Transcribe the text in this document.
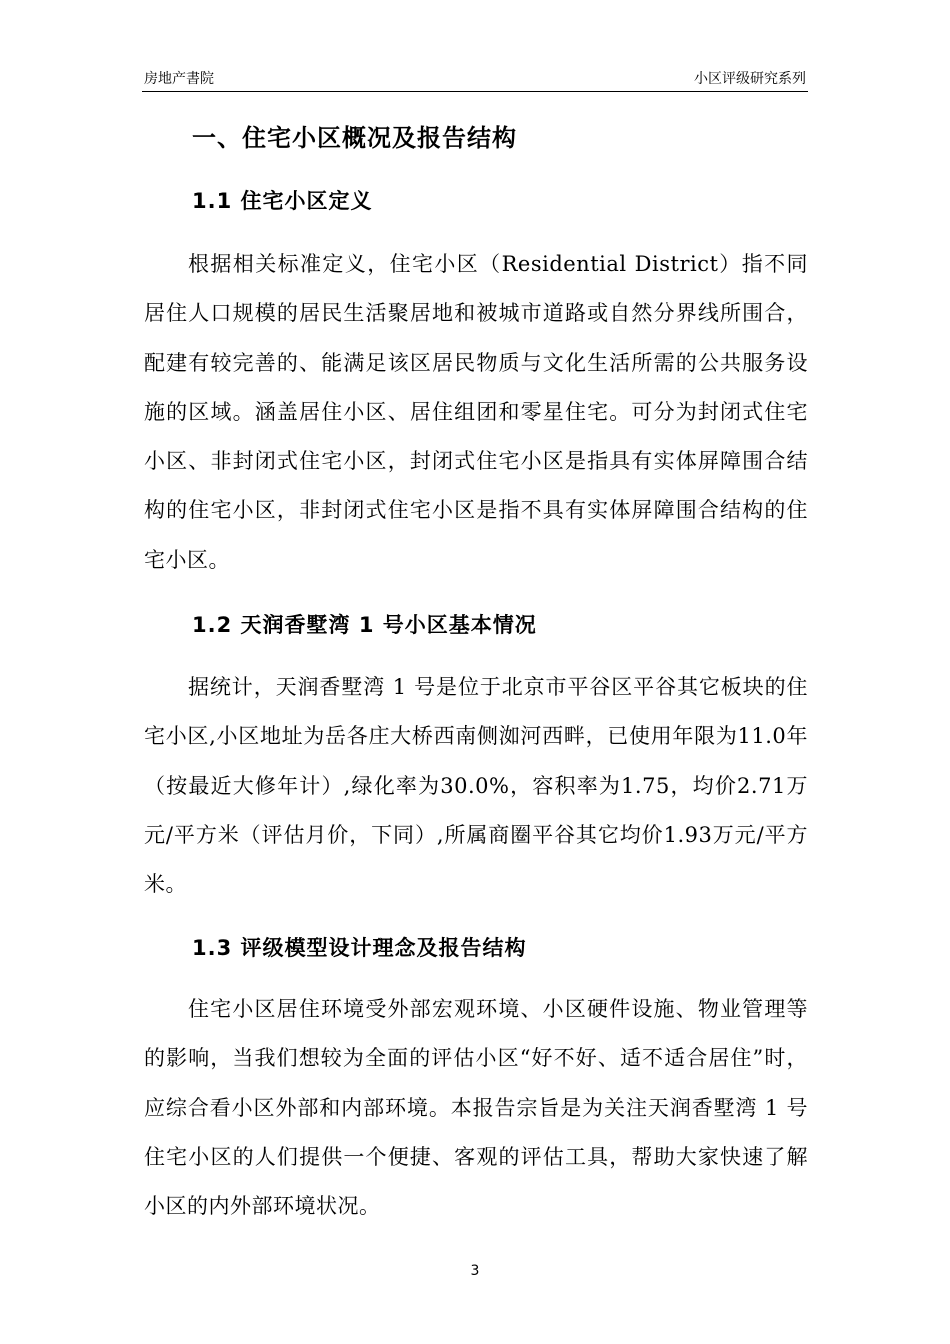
房地产書院	小区评级研究系列
一、住宅小区概况及报告结构
1.1 住宅小区定义
根据相关标准定义，住宅小区（Residential District）指不同居住人口规模的居民生活聚居地和被城市道路或自然分界线所围合，配建有较完善的、能满足该区居民物质与文化生活所需的公共服务设施的区域。涵盖居住小区、居住组团和零星住宅。可分为封闭式住宅小区、非封闭式住宅小区，封闭式住宅小区是指具有实体屏障围合结构的住宅小区，非封闭式住宅小区是指不具有实体屏障围合结构的住宅小区。
1.2 天润香墅湾 1 号小区基本情况
据统计，天润香墅湾 1 号是位于北京市平谷区平谷其它板块的住宅小区,小区地址为岳各庄大桥西南侧洳河西畔，已使用年限为11.0年（按最近大修年计）,绿化率为30.0%，容积率为1.75，均价2.71万元/平方米（评估月价，下同）,所属商圈平谷其它均价1.93万元/平方米。
1.3 评级模型设计理念及报告结构
住宅小区居住环境受外部宏观环境、小区硬件设施、物业管理等的影响，当我们想较为全面的评估小区“好不好、适不适合居住”时，应综合看小区外部和内部环境。本报告宗旨是为关注天润香墅湾 1 号住宅小区的人们提供一个便捷、客观的评估工具，帮助大家快速了解小区的内外部环境状况。
3
